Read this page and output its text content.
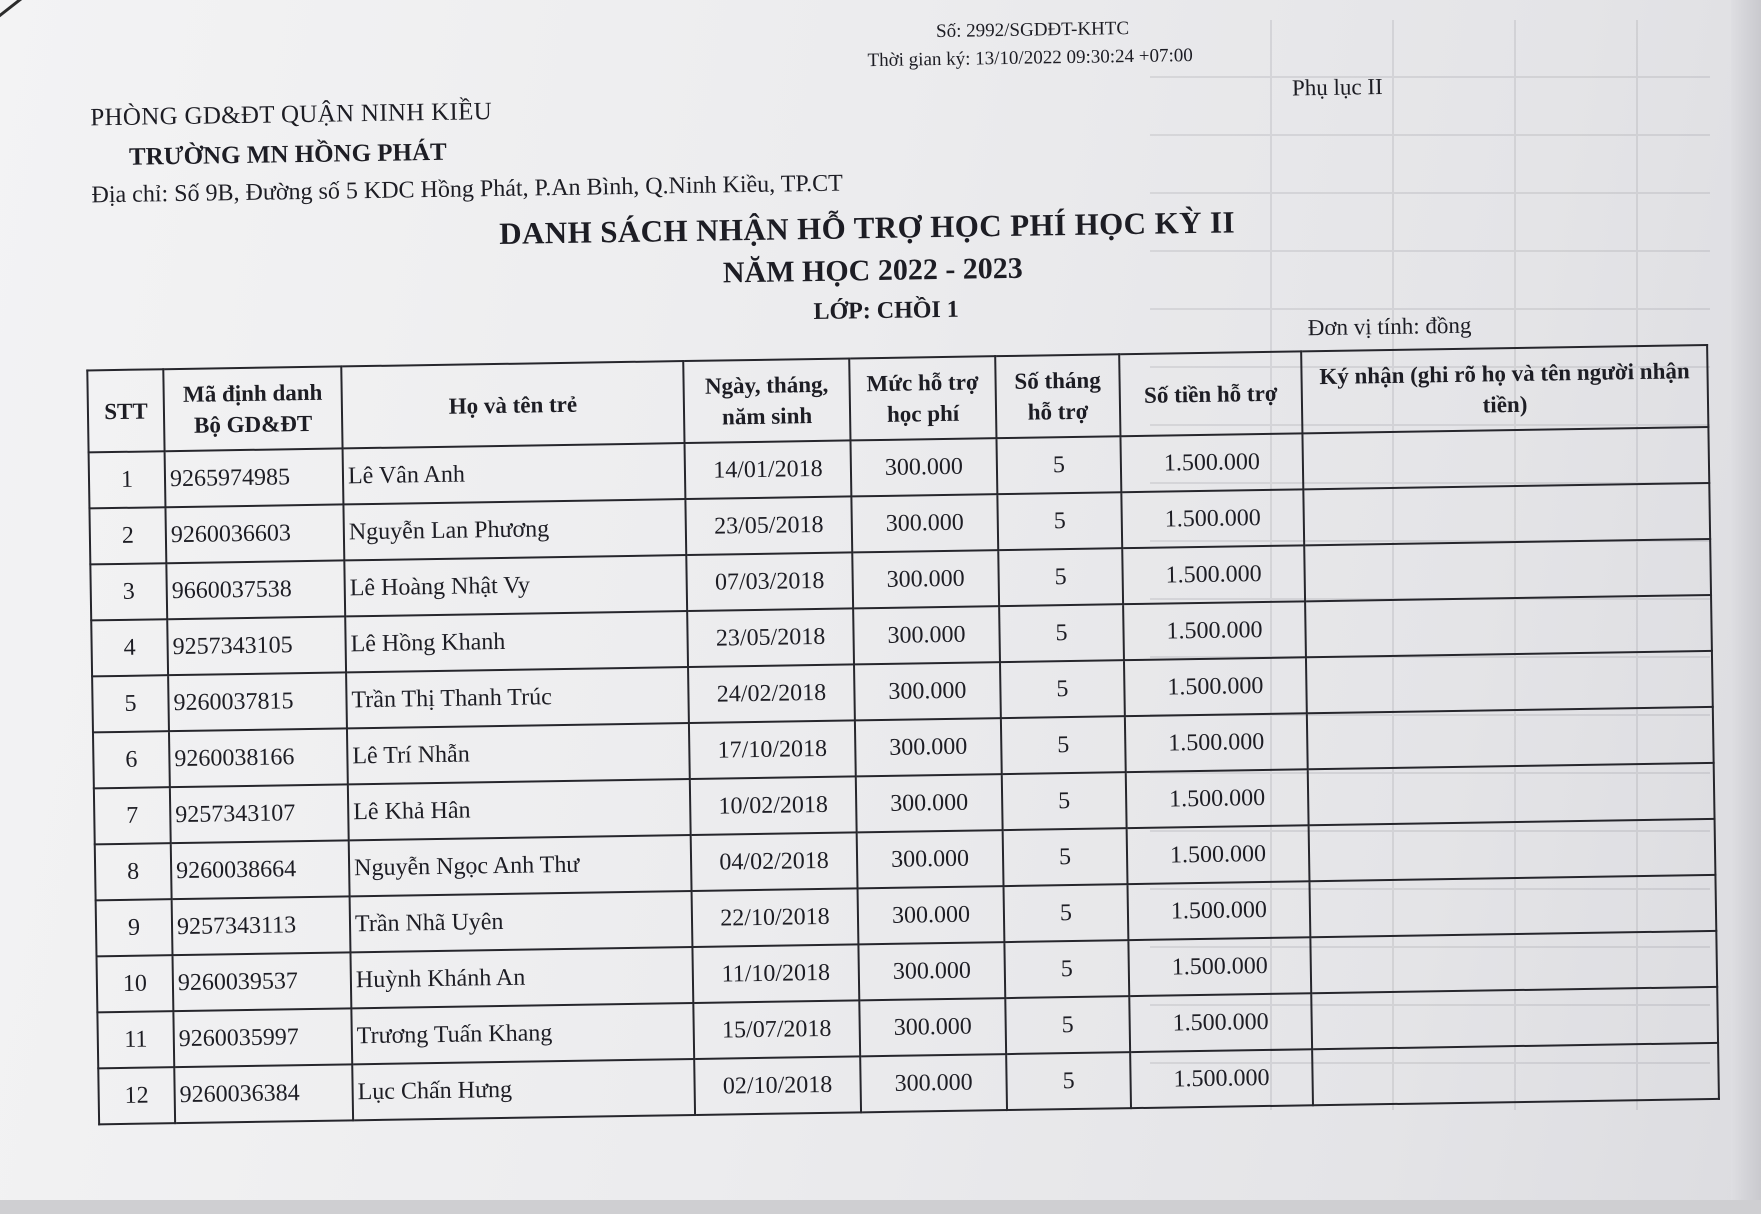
Số: 2992/SGDĐT-KHTC
Thời gian ký: 13/10/2022 09:30:24 +07:00
Phụ lục II
PHÒNG GD&ĐT QUẬN NINH KIỀU
TRƯỜNG MN HỒNG PHÁT
Địa chỉ: Số 9B, Đường số 5 KDC Hồng Phát, P.An Bình, Q.Ninh Kiều, TP.CT
DANH SÁCH NHẬN HỖ TRỢ HỌC PHÍ HỌC KỲ II
NĂM HỌC 2022 - 2023
LỚP: CHỒI 1
Đơn vị tính: đồng
STT	Mã định danh Bộ GD&ĐT	Họ và tên trẻ	Ngày, tháng, năm sinh	Mức hỗ trợ học phí	Số tháng hỗ trợ	Số tiền hỗ trợ	Ký nhận (ghi rõ họ và tên người nhận tiền)
1	9265974985	Lê Vân Anh	14/01/2018	300.000	5	1.500.000	
2	9260036603	Nguyễn Lan Phương	23/05/2018	300.000	5	1.500.000	
3	9660037538	Lê Hoàng Nhật Vy	07/03/2018	300.000	5	1.500.000	
4	9257343105	Lê Hồng Khanh	23/05/2018	300.000	5	1.500.000	
5	9260037815	Trần Thị Thanh Trúc	24/02/2018	300.000	5	1.500.000	
6	9260038166	Lê Trí Nhẫn	17/10/2018	300.000	5	1.500.000	
7	9257343107	Lê Khả Hân	10/02/2018	300.000	5	1.500.000	
8	9260038664	Nguyễn Ngọc Anh Thư	04/02/2018	300.000	5	1.500.000	
9	9257343113	Trần Nhã Uyên	22/10/2018	300.000	5	1.500.000	
10	9260039537	Huỳnh Khánh An	11/10/2018	300.000	5	1.500.000	
11	9260035997	Trương Tuấn Khang	15/07/2018	300.000	5	1.500.000	
12	9260036384	Lục Chấn Hưng	02/10/2018	300.000	5	1.500.000	
